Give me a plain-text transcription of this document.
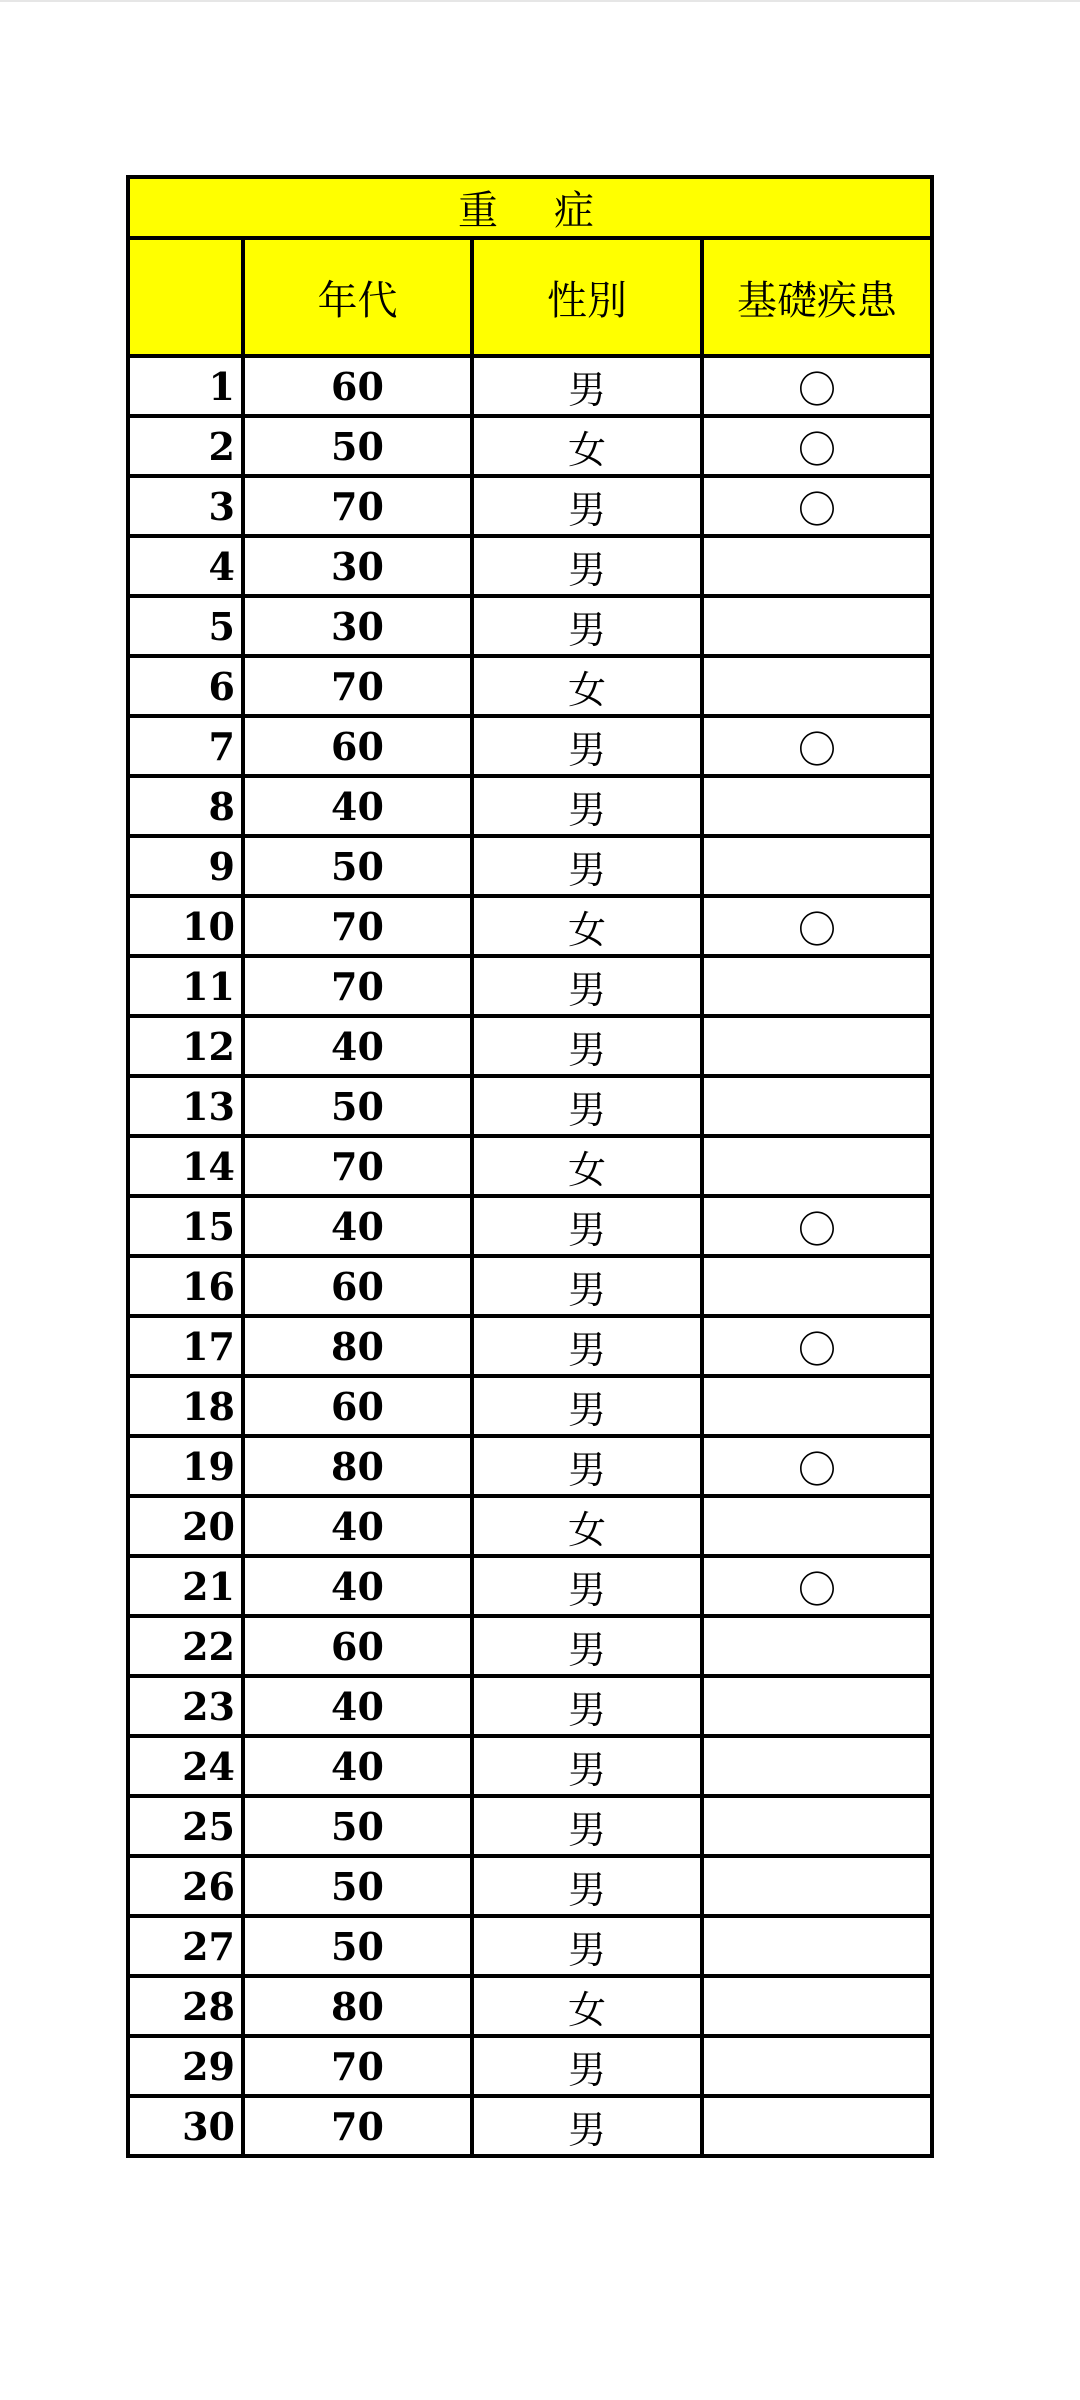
重　症			
	年代	性別	基礎疾患
1	60	男	〇
2	50	女	〇
3	70	男	〇
4	30	男	
5	30	男	
6	70	女	
7	60	男	〇
8	40	男	
9	50	男	
10	70	女	〇
11	70	男	
12	40	男	
13	50	男	
14	70	女	
15	40	男	〇
16	60	男	
17	80	男	〇
18	60	男	
19	80	男	〇
20	40	女	
21	40	男	〇
22	60	男	
23	40	男	
24	40	男	
25	50	男	
26	50	男	
27	50	男	
28	80	女	
29	70	男	
30	70	男	
